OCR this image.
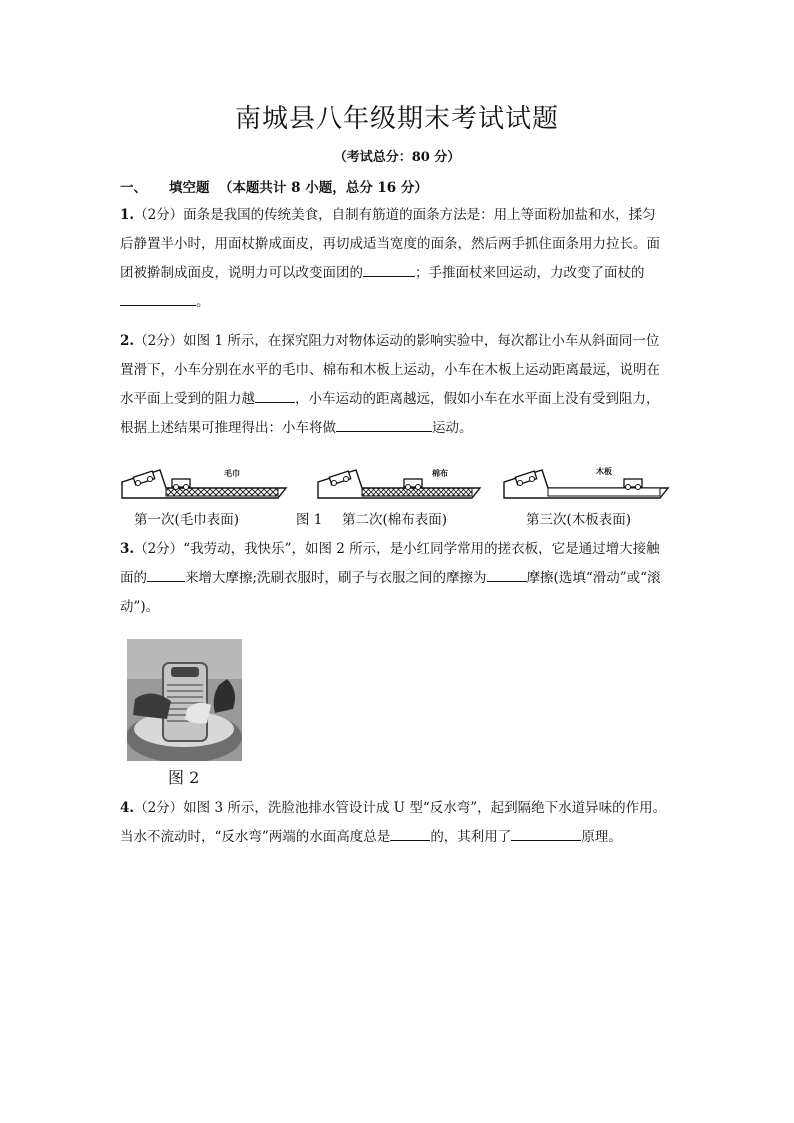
南城县八年级期末考试试题
（考试总分：80 分）
一、 填空题 （本题共计 8 小题，总分 16 分）
1.（2分）面条是我国的传统美食，自制有筋道的面条方法是：用上等面粉加盐和水，揉匀
后静置半小时，用面杖擀成面皮，再切成适当宽度的面条，然后两手抓住面条用力拉长。面
团被擀制成面皮，说明力可以改变面团的	；手推面杖来回运动，力改变了面杖的
。
2.（2分）如图 1 所示，在探究阻力对物体运动的影响实验中，每次都让小车从斜面同一位
置滑下，小车分别在水平的毛巾、棉布和木板上运动，小车在木板上运动距离最远，说明在
水平面上受到的阻力越	，小车运动的距离越远，假如小车在水平面上没有受到阻力，
根据上述结果可推理得出：小车将做	运动。
毛巾	棉布	木板
第一次(毛巾表面)	图 1 第二次(棉布表面)	第三次(木板表面)
3.（2分）“我劳动，我快乐”，如图 2 所示，是小红同学常用的搓衣板，它是通过增大接触
面的	来增大摩擦;洗刷衣服时，刷子与衣服之间的摩擦为	摩擦(选填“滑动”或“滚
动”)。
图 2
4.（2分）如图 3 所示，洗脸池排水管设计成 U 型“反水弯”，起到隔绝下水道异味的作用。
当水不流动时，“反水弯”两端的水面高度总是	的，其利用了	原理。
